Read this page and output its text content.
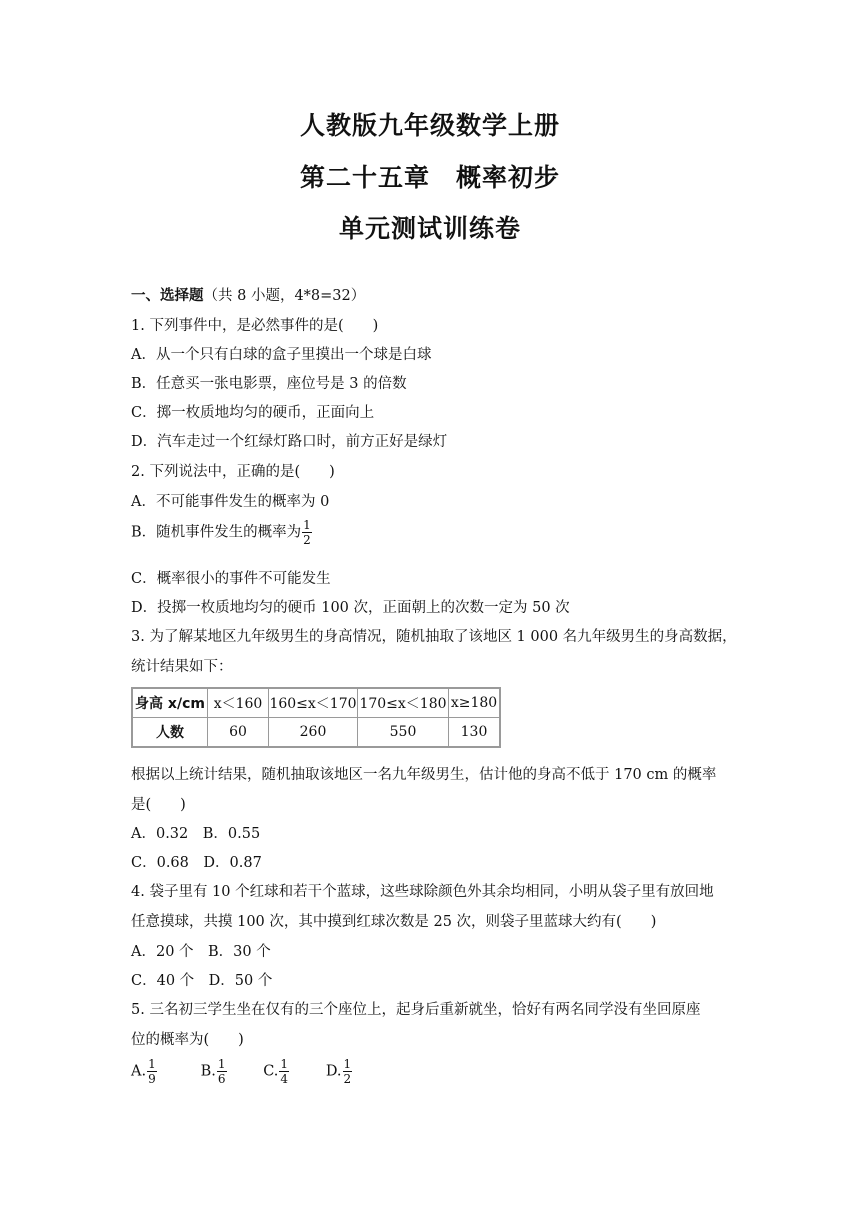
人教版九年级数学上册
第二十五章　概率初步
单元测试训练卷
一、选择题（共 8 小题，4*8=32）
1. 下列事件中，是必然事件的是(　　)
A．从一个只有白球的盒子里摸出一个球是白球
B．任意买一张电影票，座位号是 3 的倍数
C．掷一枚质地均匀的硬币，正面向上
D．汽车走过一个红绿灯路口时，前方正好是绿灯
2. 下列说法中，正确的是(　　)
A．不可能事件发生的概率为 0
B．随机事件发生的概率为 $\frac{1}{2}$
C．概率很小的事件不可能发生
D．投掷一枚质地均匀的硬币 100 次，正面朝上的次数一定为 50 次
3. 为了解某地区九年级男生的身高情况，随机抽取了该地区 1 000 名九年级男生的身高数据，
统计结果如下：
身高 x/cm	x＜160	160≤x＜170	170≤x＜180	x≥180
人数	60	260	550	130
根据以上统计结果，随机抽取该地区一名九年级男生，估计他的身高不低于 170 cm 的概率
是(　　)
A．0.32　B．0.55
C．0.68　D．0.87
4. 袋子里有 10 个红球和若干个蓝球，这些球除颜色外其余均相同，小明从袋子里有放回地
任意摸球，共摸 100 次，其中摸到红球次数是 25 次，则袋子里蓝球大约有(　　)
A．20 个　B．30 个
C．40 个　D．50 个
5. 三名初三学生坐在仅有的三个座位上，起身后重新就坐，恰好有两名同学没有坐回原座
位的概率为(　　)
A. $\frac{1}{9}$	B. $\frac{1}{6}$	C. $\frac{1}{4}$	D. $\frac{1}{2}$
